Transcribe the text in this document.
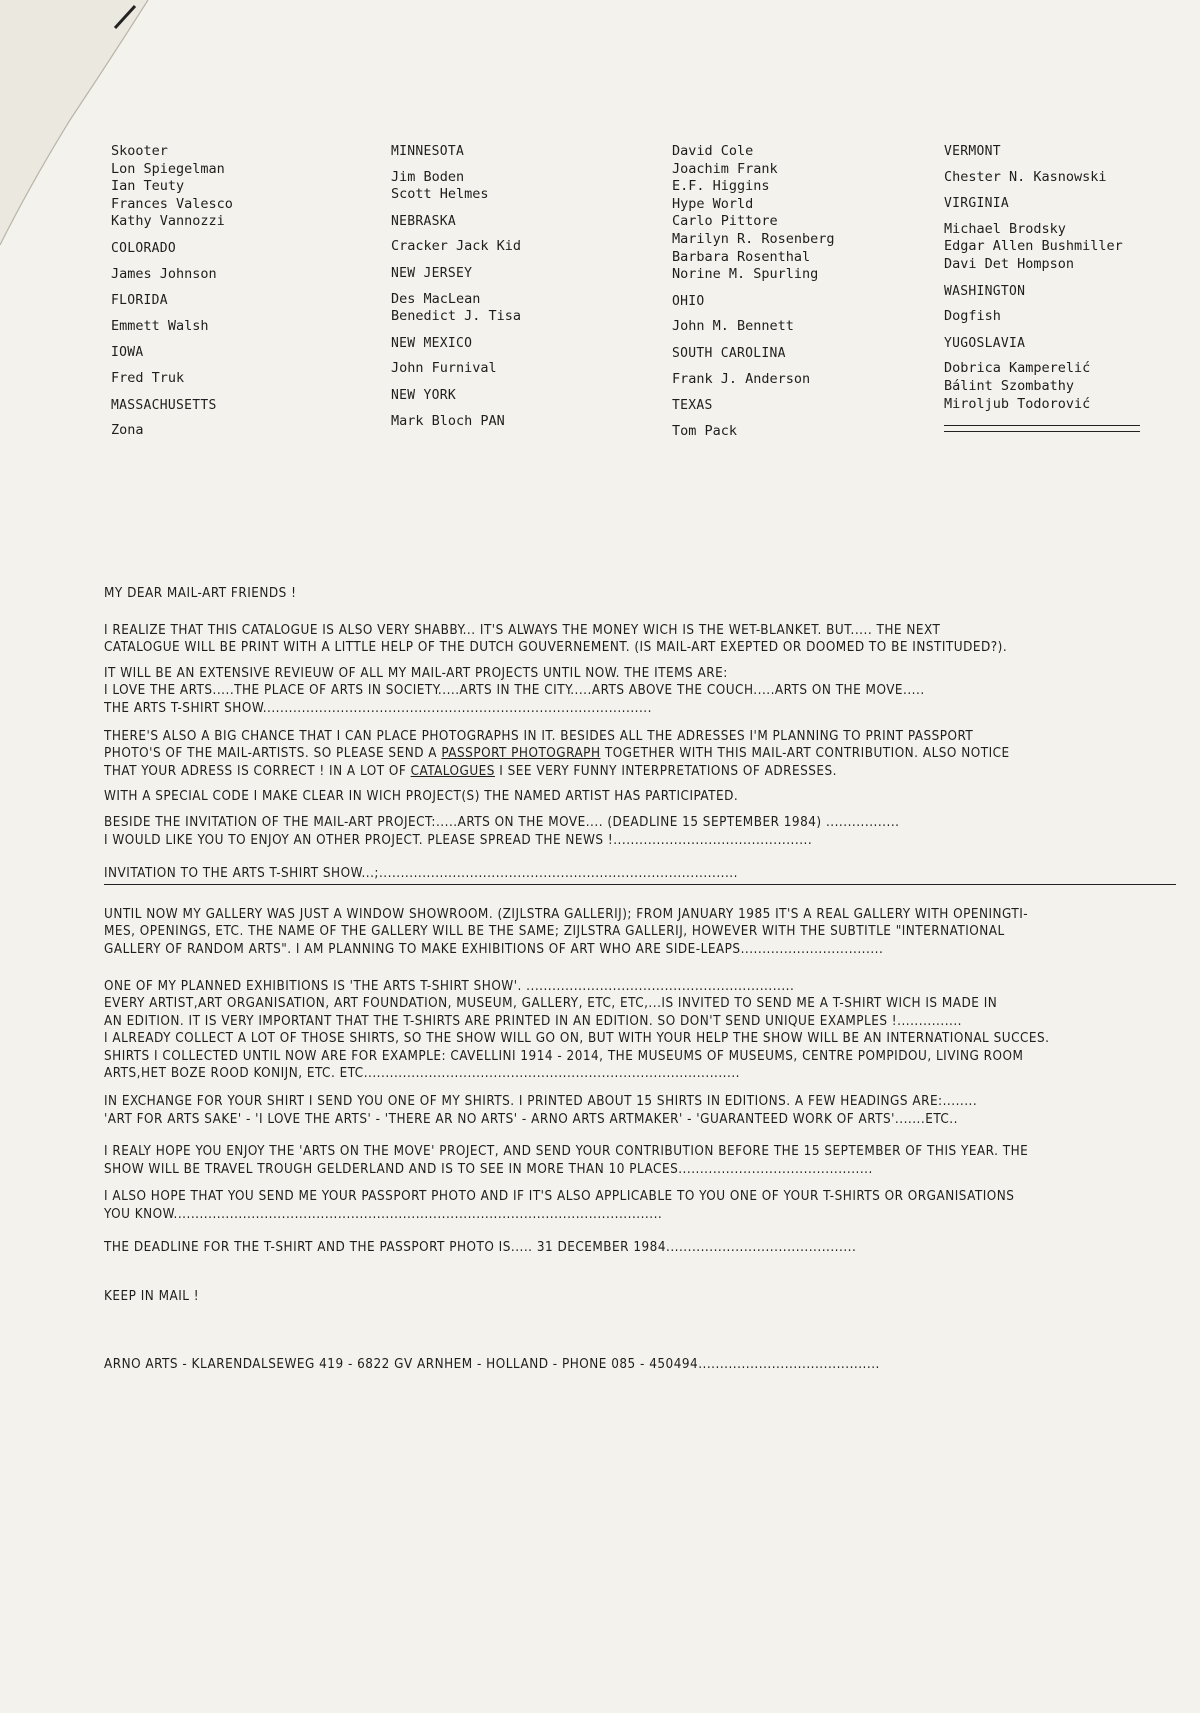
Skooter
Lon Spiegelman
Ian Teuty
Frances Valesco
Kathy Vannozzi
COLORADO
James Johnson
FLORIDA
Emmett Walsh
IOWA
Fred Truk
MASSACHUSETTS
Zona
MINNESOTA
Jim Boden
Scott Helmes
NEBRASKA
Cracker Jack Kid
NEW JERSEY
Des MacLean
Benedict J. Tisa
NEW MEXICO
John Furnival
NEW YORK
Mark Bloch PAN
David Cole
Joachim Frank
E.F. Higgins
Hype World
Carlo Pittore
Marilyn R. Rosenberg
Barbara Rosenthal
Norine M. Spurling
OHIO
John M. Bennett
SOUTH CAROLINA
Frank J. Anderson
TEXAS
Tom Pack
VERMONT
Chester N. Kasnowski
VIRGINIA
Michael Brodsky
Edgar Allen Bushmiller
Davi Det Hompson
WASHINGTON
Dogfish
YUGOSLAVIA
Dobrica Kamperelić
Bálint Szombathy
Miroljub Todorović
MY DEAR MAIL-ART FRIENDS !
I REALIZE THAT THIS CATALOGUE IS ALSO VERY SHABBY... IT'S ALWAYS THE MONEY WICH IS THE WET-BLANKET. BUT..... THE NEXT
CATALOGUE WILL BE PRINT WITH A LITTLE HELP OF THE DUTCH GOUVERNEMENT. (IS MAIL-ART EXEPTED OR DOOMED TO BE INSTITUDED?).
IT WILL BE AN EXTENSIVE REVIEUW OF ALL MY MAIL-ART PROJECTS UNTIL NOW. THE ITEMS ARE:
I LOVE THE ARTS.....THE PLACE OF ARTS IN SOCIETY.....ARTS IN THE CITY.....ARTS ABOVE THE COUCH.....ARTS ON THE MOVE.....
THE ARTS T-SHIRT SHOW..........................................................................................
THERE'S ALSO A BIG CHANCE THAT I CAN PLACE PHOTOGRAPHS IN IT. BESIDES ALL THE ADRESSES I'M PLANNING TO PRINT PASSPORT
PHOTO'S OF THE MAIL-ARTISTS. SO PLEASE SEND A PASSPORT PHOTOGRAPH TOGETHER WITH THIS MAIL-ART CONTRIBUTION. ALSO NOTICE
THAT YOUR ADRESS IS CORRECT ! IN A LOT OF CATALOGUES I SEE VERY FUNNY INTERPRETATIONS OF ADRESSES.
WITH A SPECIAL CODE I MAKE CLEAR IN WICH PROJECT(S) THE NAMED ARTIST HAS PARTICIPATED.
BESIDE THE INVITATION OF THE MAIL-ART PROJECT:.....ARTS ON THE MOVE.... (DEADLINE 15 SEPTEMBER 1984) .................
I WOULD LIKE YOU TO ENJOY AN OTHER PROJECT. PLEASE SPREAD THE NEWS !..............................................
INVITATION TO THE ARTS T-SHIRT SHOW...;...................................................................................
UNTIL NOW MY GALLERY WAS JUST A WINDOW SHOWROOM. (ZIJLSTRA GALLERIJ); FROM JANUARY 1985 IT'S A REAL GALLERY WITH OPENINGTI-
MES, OPENINGS, ETC. THE NAME OF THE GALLERY WILL BE THE SAME; ZIJLSTRA GALLERIJ, HOWEVER WITH THE SUBTITLE "INTERNATIONAL
GALLERY OF RANDOM ARTS". I AM PLANNING TO MAKE EXHIBITIONS OF ART WHO ARE SIDE-LEAPS.................................
ONE OF MY PLANNED EXHIBITIONS IS 'THE ARTS T-SHIRT SHOW'. ..............................................................
EVERY ARTIST,ART ORGANISATION, ART FOUNDATION, MUSEUM, GALLERY, ETC, ETC,...IS INVITED TO SEND ME A T-SHIRT WICH IS MADE IN
AN EDITION. IT IS VERY IMPORTANT THAT THE T-SHIRTS ARE PRINTED IN AN EDITION. SO DON'T SEND UNIQUE EXAMPLES !...............
I ALREADY COLLECT A LOT OF THOSE SHIRTS, SO THE SHOW WILL GO ON, BUT WITH YOUR HELP THE SHOW WILL BE AN INTERNATIONAL SUCCES.
SHIRTS I COLLECTED UNTIL NOW ARE FOR EXAMPLE: CAVELLINI 1914 - 2014, THE MUSEUMS OF MUSEUMS, CENTRE POMPIDOU, LIVING ROOM
ARTS,HET BOZE ROOD KONIJN, ETC. ETC.......................................................................................
IN EXCHANGE FOR YOUR SHIRT I SEND YOU ONE OF MY SHIRTS. I PRINTED ABOUT 15 SHIRTS IN EDITIONS. A FEW HEADINGS ARE:........
'ART FOR ARTS SAKE' - 'I LOVE THE ARTS' - 'THERE AR NO ARTS' - ARNO ARTS ARTMAKER' - 'GUARANTEED WORK OF ARTS'.......ETC..
I REALY HOPE YOU ENJOY THE 'ARTS ON THE MOVE' PROJECT, AND SEND YOUR CONTRIBUTION BEFORE THE 15 SEPTEMBER OF THIS YEAR. THE
SHOW WILL BE TRAVEL TROUGH GELDERLAND AND IS TO SEE IN MORE THAN 10 PLACES.............................................
I ALSO HOPE THAT YOU SEND ME YOUR PASSPORT PHOTO AND IF IT'S ALSO APPLICABLE TO YOU ONE OF YOUR T-SHIRTS OR ORGANISATIONS
YOU KNOW.................................................................................................................
THE DEADLINE FOR THE T-SHIRT AND THE PASSPORT PHOTO IS..... 31 DECEMBER 1984............................................
KEEP IN MAIL !
ARNO ARTS - KLARENDALSEWEG 419 - 6822 GV ARNHEM - HOLLAND - PHONE 085 - 450494..........................................
